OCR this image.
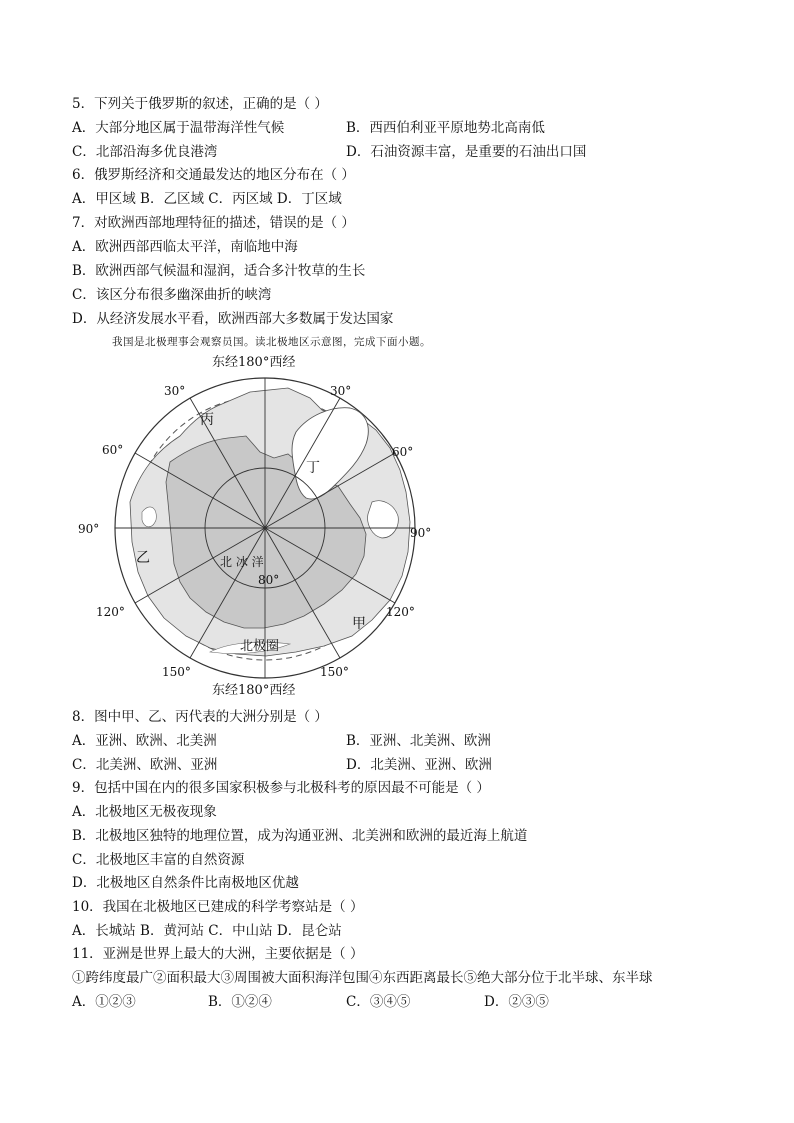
5．下列关于俄罗斯的叙述，正确的是（ ）
A．大部分地区属于温带海洋性气候	B．西西伯利亚平原地势北高南低
C．北部沿海多优良港湾	D．石油资源丰富，是重要的石油出口国
6．俄罗斯经济和交通最发达的地区分布在（ ）
A．甲区域 B．乙区域 C．丙区域 D．丁区域
7．对欧洲西部地理特征的描述，错误的是（ ）
A．欧洲西部西临太平洋，南临地中海
B．欧洲西部气候温和湿润，适合多汁牧草的生长
C．该区分布很多幽深曲折的峡湾
D．从经济发展水平看，欧洲西部大多数属于发达国家
我国是北极理事会观察员国。读北极地区示意图，完成下面小题。
东经180°西经
东经180°西经
30°	30°
60°	60°
90°	90°
120°	120°
150°	150°
丙
丁
乙
甲
北 冰 洋
80°
北极圈
8．图中甲、乙、丙代表的大洲分别是（ ）
A．亚洲、欧洲、北美洲	B．亚洲、北美洲、欧洲
C．北美洲、欧洲、亚洲	D．北美洲、亚洲、欧洲
9．包括中国在内的很多国家积极参与北极科考的原因最不可能是（ ）
A．北极地区无极夜现象
B．北极地区独特的地理位置，成为沟通亚洲、北美洲和欧洲的最近海上航道
C．北极地区丰富的自然资源
D．北极地区自然条件比南极地区优越
10．我国在北极地区已建成的科学考察站是（ ）
A．长城站 B．黄河站 C．中山站 D．昆仑站
11．亚洲是世界上最大的大洲，主要依据是（ ）
①跨纬度最广②面积最大③周围被大面积海洋包围④东西距离最长⑤绝大部分位于北半球、东半球
A．①②③	B．①②④	C．③④⑤	D．②③⑤
